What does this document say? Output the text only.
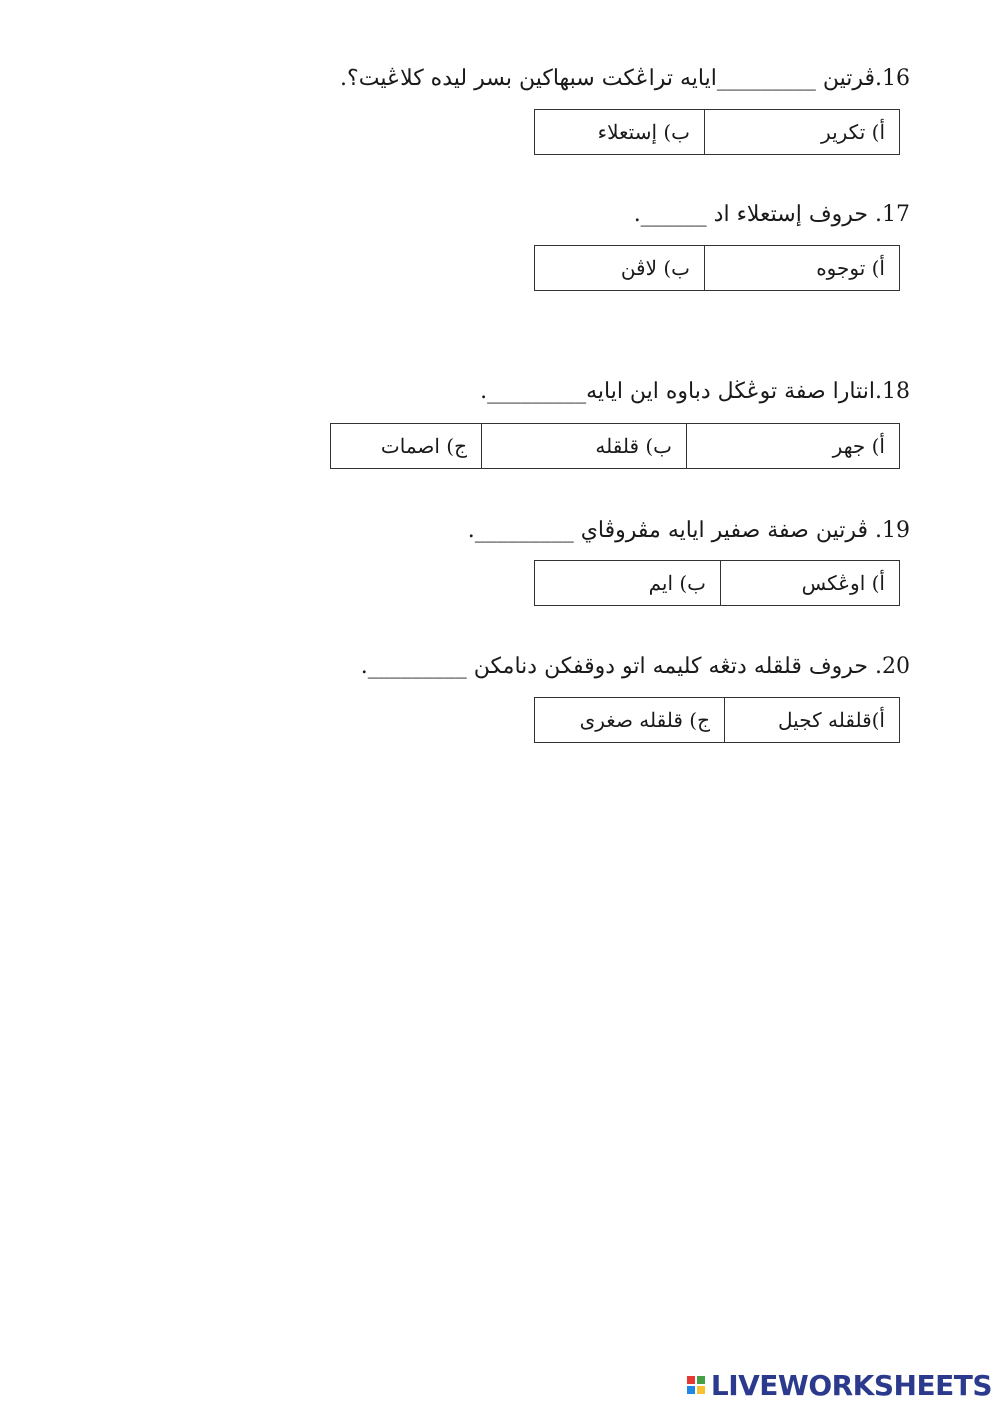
16.ڤرتين _________ايايه تراڠكت سبهاكين بسر ليده كلاڠيت؟.
أ) تكرير	ب) إستعلاء
17. حروف إستعلاء اد ______.
أ) توجوه	ب) لاڤن
18.انتارا صفة توڠڬل دباوه اين ايايه_________.
أ) جهر	ب) قلقله	ج) اصمات
19. ڤرتين صفة صفير ايايه مڤروڤاي _________.
أ) اوڠكس	ب) ايم
20. حروف قلقله دتڠه كليمه اتو دوقفكن دنامكن _________.
أ)قلقله كجيل	ج) قلقله صغرى
LIVEWORKSHEETS
